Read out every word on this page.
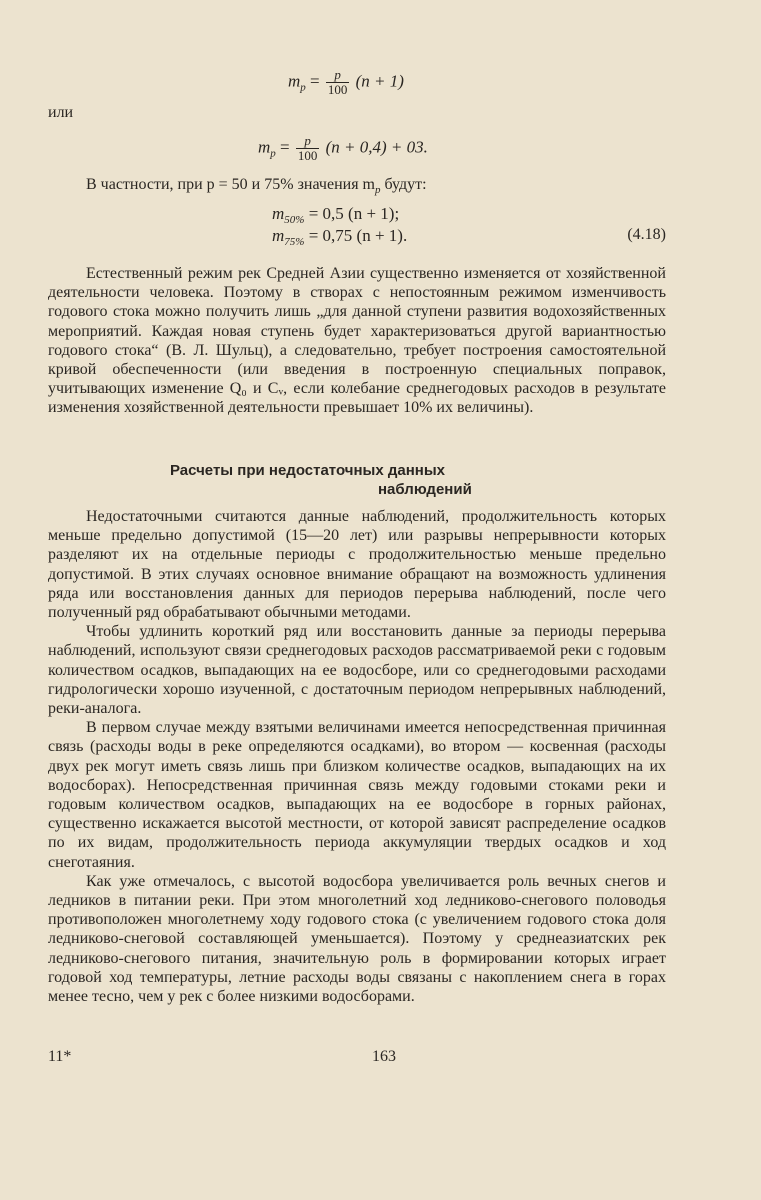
$m_p = \frac{p}{100} (n + 1)$
или
$m_p = \frac{p}{100} (n + 0,4) + 03$.
В частности, при p = 50 и 75% значения $m_p$ будут:
$m_{50\%} = 0,5$ (n + 1);
$m_{75\%} = 0,75$ (n + 1).	(4.18)

Естественный режим рек Средней Азии существенно изменяется от хозяйственной деятельности человека. Поэтому в створах с непостоянным режимом изменчивость годового стока можно получить лишь „для данной ступени развития водохозяйственных мероприятий. Каждая новая ступень будет характеризоваться другой вариантностью годового стока“ (В. Л. Шульц), а следовательно, требует построения самостоятельной кривой обеспеченности (или введения в построенную специальных поправок, учитывающих изменение Q₀ и Cᵥ, если колебание среднегодовых расходов в результате изменения хозяйственной деятельности превышает 10% их величины).

Расчеты при недостаточных данных
наблюдений

Недостаточными считаются данные наблюдений, продолжительность которых меньше предельно допустимой (15—20 лет) или разрывы непрерывности которых разделяют их на отдельные периоды с продолжительностью меньше предельно допустимой. В этих случаях основное внимание обращают на возможность удлинения ряда или восстановления данных для периодов перерыва наблюдений, после чего полученный ряд обрабатывают обычными методами.

Чтобы удлинить короткий ряд или восстановить данные за периоды перерыва наблюдений, используют связи среднегодовых расходов рассматриваемой реки с годовым количеством осадков, выпадающих на ее водосборе, или со среднегодовыми расходами гидрологически хорошо изученной, с достаточным периодом непрерывных наблюдений, реки-аналога.

В первом случае между взятыми величинами имеется непосредственная причинная связь (расходы воды в реке определяются осадками), во втором — косвенная (расходы двух рек могут иметь связь лишь при близком количестве осадков, выпадающих на их водосборах). Непосредственная причинная связь между годовыми стоками реки и годовым количеством осадков, выпадающих на ее водосборе в горных районах, существенно искажается высотой местности, от которой зависят распределение осадков по их видам, продолжительность периода аккумуляции твердых осадков и ход снеготаяния.

Как уже отмечалось, с высотой водосбора увеличивается роль вечных снегов и ледников в питании реки. При этом многолетний ход ледниково-снегового половодья противоположен многолетнему ходу годового стока (с увеличением годового стока доля ледниково-снеговой составляющей уменьшается). Поэтому у среднеазиатских рек ледниково-снегового питания, значительную роль в формировании которых играет годовой ход температуры, летние расходы воды связаны с накоплением снега в горах менее тесно, чем у рек с более низкими водосборами.

11*	163
